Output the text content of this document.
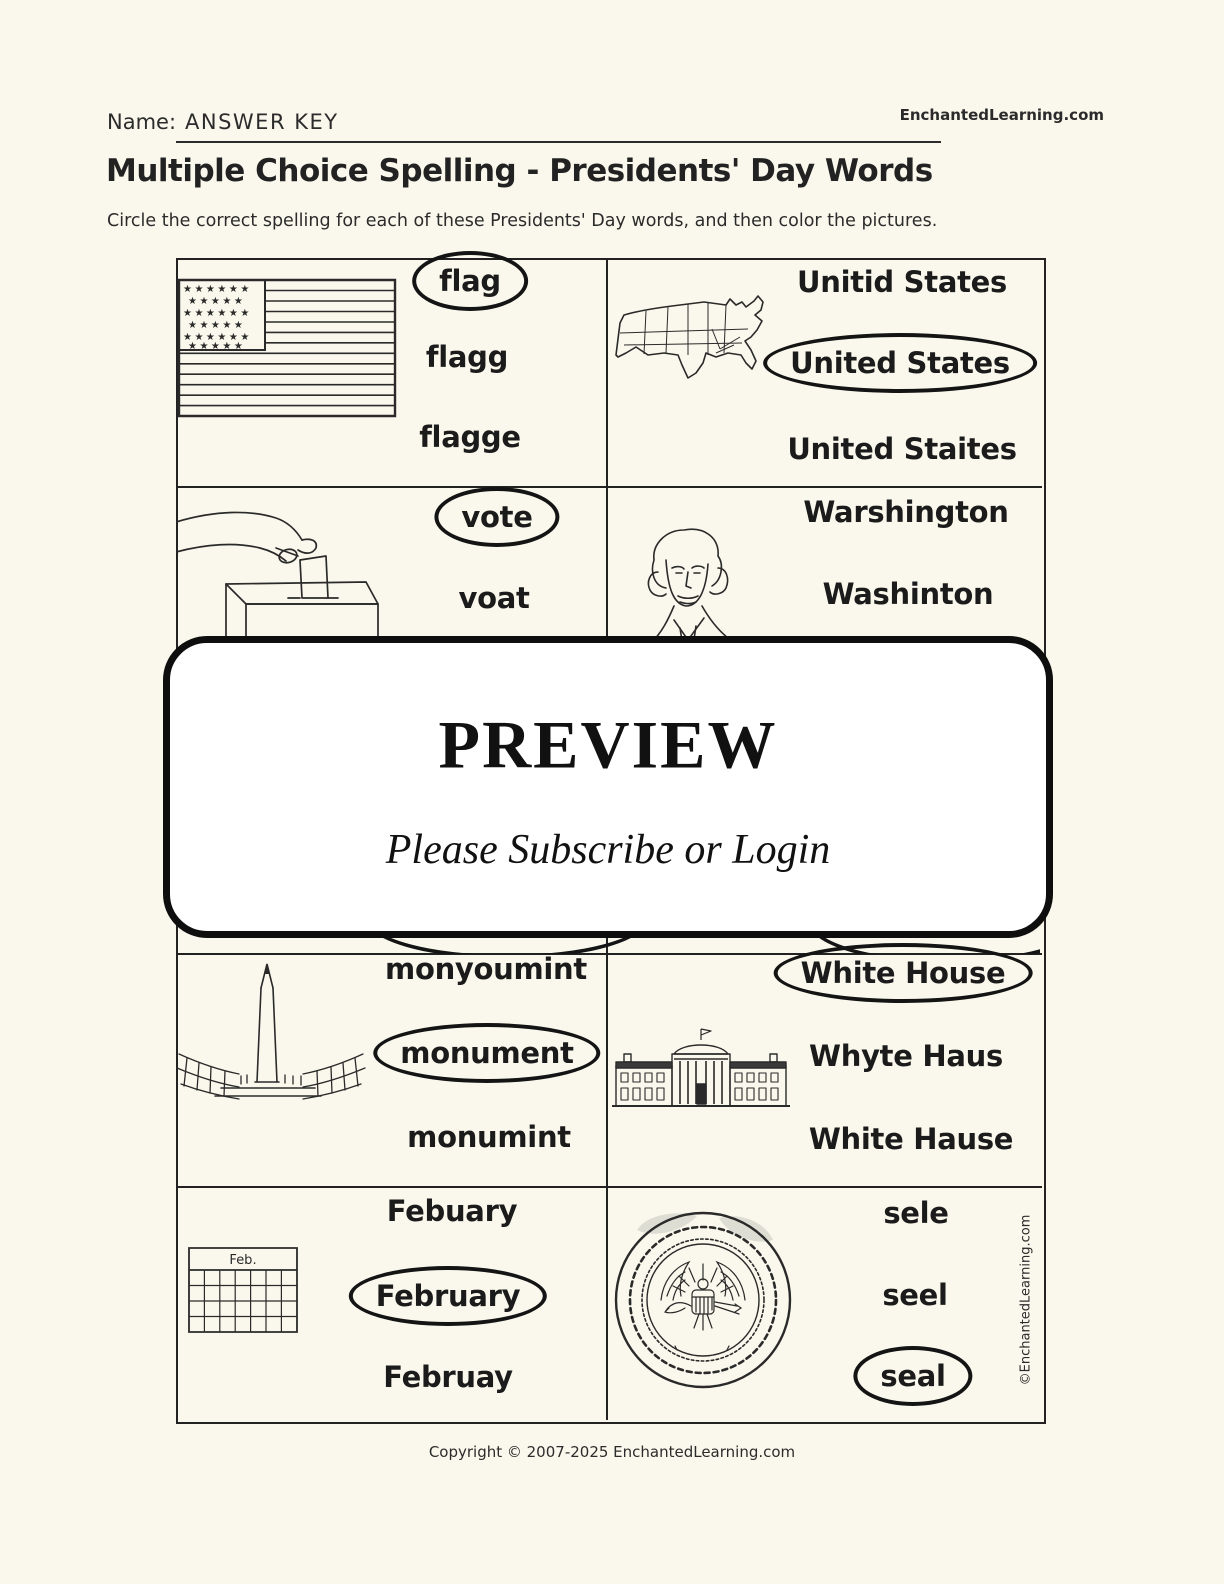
Name: ANSWER KEY	EnchantedLearning.com
Multiple Choice Spelling - Presidents' Day Words
Circle the correct spelling for each of these Presidents' Day words, and then color the pictures.
★★★★★★
★★★★★
★★★★★★
★★★★★
★★★★★★
★★★★★
Feb.
flag
flagg
flagge
Unitid States
United States
United Staites
vote
voat
Warshington
Washinton
monyoumint
monument
monumint
White House
Whyte Haus
White Hause
Febuary
February
Februay
sele
seel
seal
PREVIEW
Please Subscribe or Login
©EnchantedLearning.com
Copyright © 2007-2025 EnchantedLearning.com
